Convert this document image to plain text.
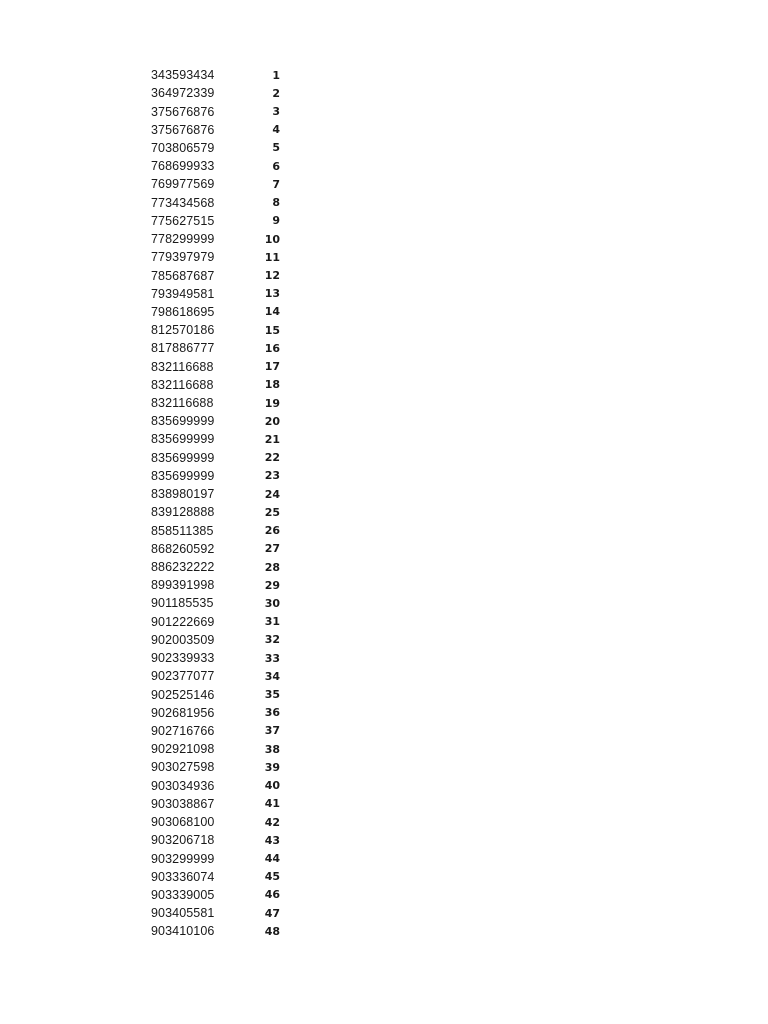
343593434	1
364972339	2
375676876	3
375676876	4
703806579	5
768699933	6
769977569	7
773434568	8
775627515	9
778299999	10
779397979	11
785687687	12
793949581	13
798618695	14
812570186	15
817886777	16
832116688	17
832116688	18
832116688	19
835699999	20
835699999	21
835699999	22
835699999	23
838980197	24
839128888	25
858511385	26
868260592	27
886232222	28
899391998	29
901185535	30
901222669	31
902003509	32
902339933	33
902377077	34
902525146	35
902681956	36
902716766	37
902921098	38
903027598	39
903034936	40
903038867	41
903068100	42
903206718	43
903299999	44
903336074	45
903339005	46
903405581	47
903410106	48
